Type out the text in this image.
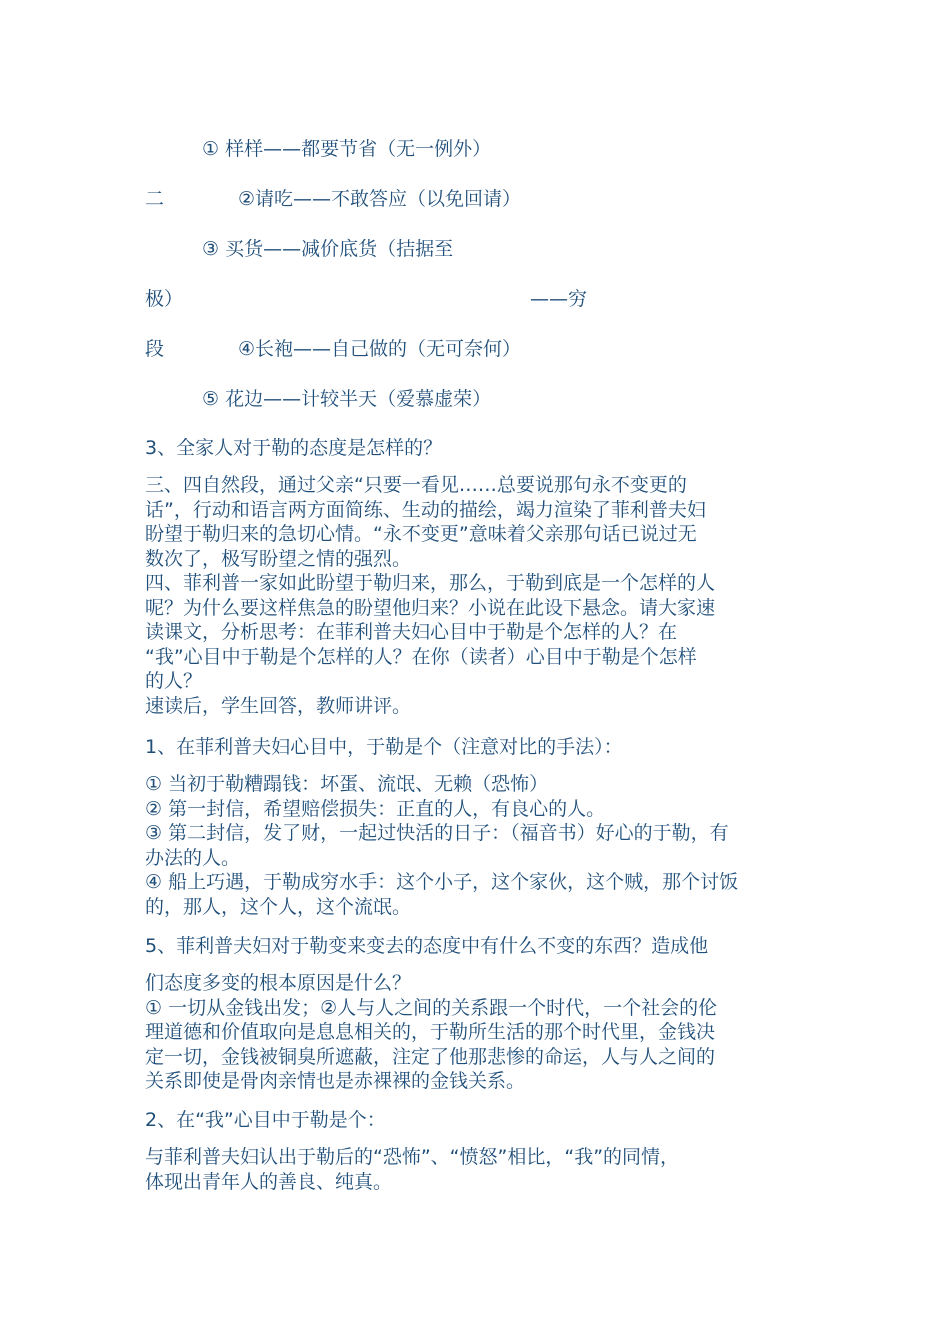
① 样样——都要节省（无一例外）
二	②请吃——不敢答应（以免回请）
③ 买货——减价底货（拮据至
极）	——穷
段	④长袍——自己做的（无可奈何）
⑤ 花边——计较半天（爱慕虚荣）
3、全家人对于勒的态度是怎样的？
三、四自然段，通过父亲“只要一看见……总要说那句永不变更的
话”，行动和语言两方面简练、生动的描绘，竭力渲染了菲利普夫妇
盼望于勒归来的急切心情。“永不变更”意味着父亲那句话已说过无
数次了，极写盼望之情的强烈。
四、菲利普一家如此盼望于勒归来，那么，于勒到底是一个怎样的人
呢？为什么要这样焦急的盼望他归来？小说在此设下悬念。请大家速
读课文，分析思考：在菲利普夫妇心目中于勒是个怎样的人？在
“我”心目中于勒是个怎样的人？在你（读者）心目中于勒是个怎样
的人？
速读后，学生回答，教师讲评。
1、在菲利普夫妇心目中，于勒是个（注意对比的手法）：
① 当初于勒糟蹋钱：坏蛋、流氓、无赖（恐怖）
② 第一封信，希望赔偿损失：正直的人，有良心的人。
③ 第二封信，发了财，一起过快活的日子：（福音书）好心的于勒，有
办法的人。
④ 船上巧遇，于勒成穷水手：这个小子，这个家伙，这个贼，那个讨饭
的，那人，这个人，这个流氓。
5、菲利普夫妇对于勒变来变去的态度中有什么不变的东西？造成他
们态度多变的根本原因是什么？
① 一切从金钱出发；②人与人之间的关系跟一个时代，一个社会的伦
理道德和价值取向是息息相关的，于勒所生活的那个时代里，金钱决
定一切，金钱被铜臭所遮蔽，注定了他那悲惨的命运，人与人之间的
关系即使是骨肉亲情也是赤裸裸的金钱关系。
2、在“我”心目中于勒是个：
与菲利普夫妇认出于勒后的“恐怖”、“愤怒”相比，“我”的同情，
体现出青年人的善良、纯真。
